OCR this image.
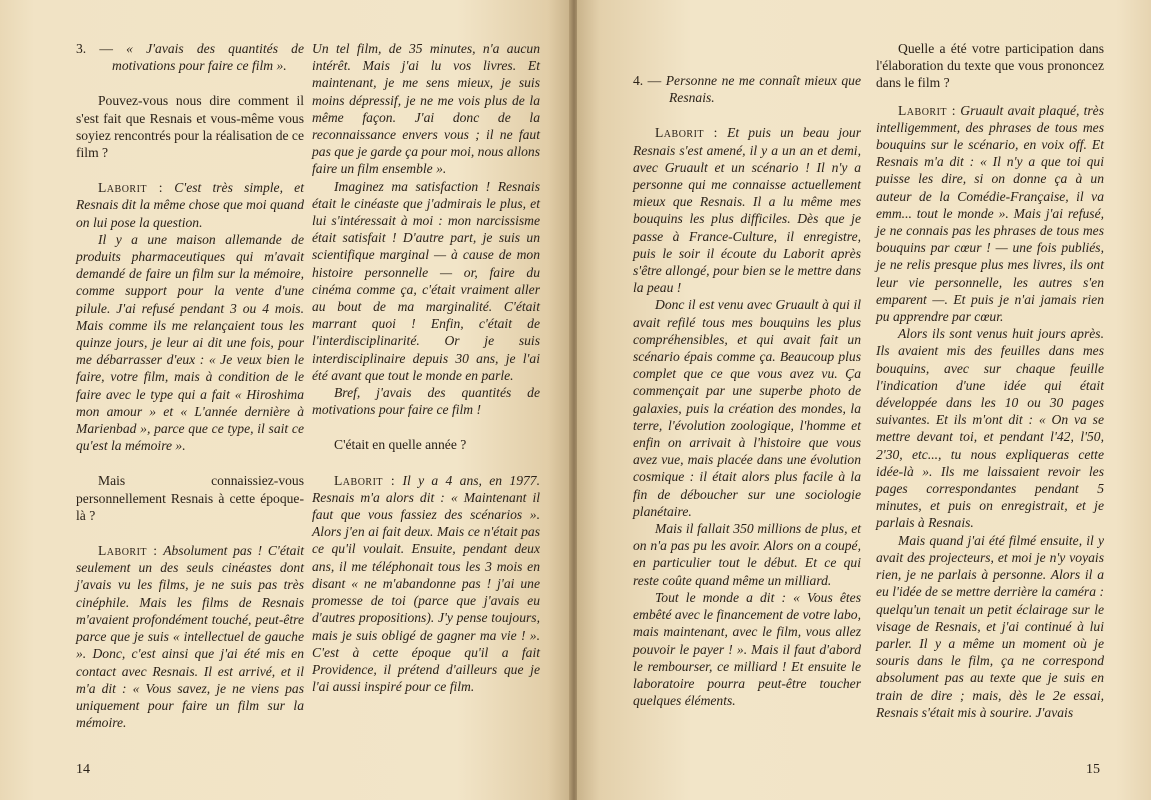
3. — « J'avais des quantités de motivations pour faire ce film ».

Pouvez-vous nous dire comment il s'est fait que Resnais et vous-même vous soyiez rencontrés pour la réalisation de ce film ?

Laborit : C'est très simple, et Resnais dit la même chose que moi quand on lui pose la question.

Il y a une maison allemande de produits pharmaceutiques qui m'avait demandé de faire un film sur la mémoire, comme support pour la vente d'une pilule. J'ai refusé pendant 3 ou 4 mois. Mais comme ils me relançaient tous les quinze jours, je leur ai dit une fois, pour me débarrasser d'eux : « Je veux bien le faire, votre film, mais à condition de le faire avec le type qui a fait « Hiroshima mon amour » et « L'année dernière à Marienbad », parce que ce type, il sait ce qu'est la mémoire ».

Mais connaissiez-vous personnellement Resnais à cette époque-là ?

Laborit : Absolument pas ! C'était seulement un des seuls cinéastes dont j'avais vu les films, je ne suis pas très cinéphile. Mais les films de Resnais m'avaient profondément touché, peut-être parce que je suis « intellectuel de gauche ». Donc, c'est ainsi que j'ai été mis en contact avec Resnais. Il est arrivé, et il m'a dit : « Vous savez, je ne viens pas uniquement pour faire un film sur la mémoire.

Un tel film, de 35 minutes, n'a aucun intérêt. Mais j'ai lu vos livres. Et maintenant, je me sens mieux, je suis moins dépressif, je ne me vois plus de la même façon. J'ai donc de la reconnaissance envers vous ; il ne faut pas que je garde ça pour moi, nous allons faire un film ensemble ».

Imaginez ma satisfaction ! Resnais était le cinéaste que j'admirais le plus, et lui s'intéressait à moi : mon narcissisme était satisfait ! D'autre part, je suis un scientifique marginal — à cause de mon histoire personnelle — or, faire du cinéma comme ça, c'était vraiment aller au bout de ma marginalité. C'était marrant quoi ! Enfin, c'était de l'interdisciplinarité. Or je suis interdisciplinaire depuis 30 ans, je l'ai été avant que tout le monde en parle.

Bref, j'avais des quantités de motivations pour faire ce film !

C'était en quelle année ?

Laborit : Il y a 4 ans, en 1977. Resnais m'a alors dit : « Maintenant il faut que vous fassiez des scénarios ». Alors j'en ai fait deux. Mais ce n'était pas ce qu'il voulait. Ensuite, pendant deux ans, il me téléphonait tous les 3 mois en disant « ne m'abandonne pas ! j'ai une promesse de toi (parce que j'avais eu d'autres propositions). J'y pense toujours, mais je suis obligé de gagner ma vie ! ». C'est à cette époque qu'il a fait Providence, il prétend d'ailleurs que je l'ai aussi inspiré pour ce film.

14	15

4. — Personne ne me connaît mieux que Resnais.

Laborit : Et puis un beau jour Resnais s'est amené, il y a un an et demi, avec Gruault et un scénario ! Il n'y a personne qui me connaisse actuellement mieux que Resnais. Il a lu même mes bouquins les plus difficiles. Dès que je passe à France-Culture, il enregistre, puis le soir il écoute du Laborit après s'être allongé, pour bien se le mettre dans la peau !

Donc il est venu avec Gruault à qui il avait refilé tous mes bouquins les plus compréhensibles, et qui avait fait un scénario épais comme ça. Beaucoup plus complet que ce que vous avez vu. Ça commençait par une superbe photo de galaxies, puis la création des mondes, la terre, l'évolution zoologique, l'homme et enfin on arrivait à l'histoire que vous avez vue, mais placée dans une évolution cosmique : il était alors plus facile à la fin de déboucher sur une sociologie planétaire.

Mais il fallait 350 millions de plus, et on n'a pas pu les avoir. Alors on a coupé, en particulier tout le début. Et ce qui reste coûte quand même un milliard.

Tout le monde a dit : « Vous êtes embêté avec le financement de votre labo, mais maintenant, avec le film, vous allez pouvoir le payer ! ». Mais il faut d'abord le rembourser, ce milliard ! Et ensuite le laboratoire pourra peut-être toucher quelques éléments.

Quelle a été votre participation dans l'élaboration du texte que vous prononcez dans le film ?

Laborit : Gruault avait plaqué, très intelligemment, des phrases de tous mes bouquins sur le scénario, en voix off. Et Resnais m'a dit : « Il n'y a que toi qui puisse les dire, si on donne ça à un auteur de la Comédie-Française, il va emm... tout le monde ». Mais j'ai refusé, je ne connais pas les phrases de tous mes bouquins par cœur ! — une fois publiés, je ne relis presque plus mes livres, ils ont leur vie personnelle, les autres s'en emparent —. Et puis je n'ai jamais rien pu apprendre par cœur.

Alors ils sont venus huit jours après. Ils avaient mis des feuilles dans mes bouquins, avec sur chaque feuille l'indication d'une idée qui était développée dans les 10 ou 30 pages suivantes. Et ils m'ont dit : « On va se mettre devant toi, et pendant l'42, l'50, 2'30, etc..., tu nous expliqueras cette idée-là ». Ils me laissaient revoir les pages correspondantes pendant 5 minutes, et puis on enregistrait, et je parlais à Resnais.

Mais quand j'ai été filmé ensuite, il y avait des projecteurs, et moi je n'y voyais rien, je ne parlais à personne. Alors il a eu l'idée de se mettre derrière la caméra : quelqu'un tenait un petit éclairage sur le visage de Resnais, et j'ai continué à lui parler. Il y a même un moment où je souris dans le film, ça ne correspond absolument pas au texte que je suis en train de dire ; mais, dès le 2e essai, Resnais s'était mis à sourire. J'avais
